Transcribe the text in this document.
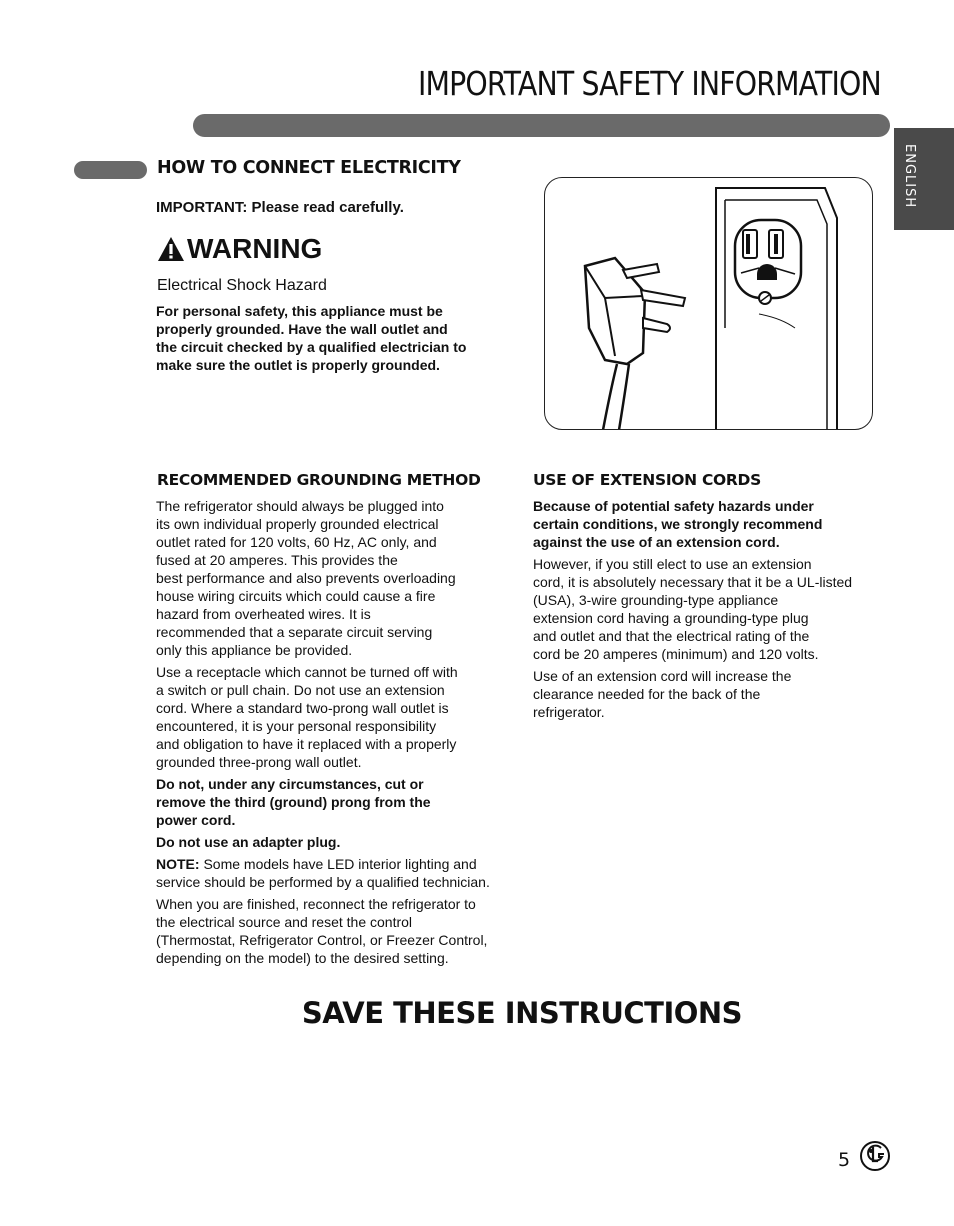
IMPORTANT SAFETY INFORMATION
ENGLISH
HOW TO CONNECT ELECTRICITY
IMPORTANT: Please read carefully.
WARNING
Electrical Shock Hazard
For personal safety, this appliance must be
properly grounded. Have the wall outlet and
the circuit checked by a qualified electrician to
make sure the outlet is properly grounded.
RECOMMENDED GROUNDING METHOD

The refrigerator should always be plugged into
its own individual properly grounded electrical
outlet rated for 120 volts, 60 Hz, AC only, and
fused at 20 amperes. This provides the
best performance and also prevents overloading
house wiring circuits which could cause a fire
hazard from overheated wires. It is
recommended that a separate circuit serving
only this appliance be provided.

Use a receptacle which cannot be turned off with
a switch or pull chain. Do not use an extension
cord. Where a standard two-prong wall outlet is
encountered, it is your personal responsibility
and obligation to have it replaced with a properly
grounded three-prong wall outlet.

Do not, under any circumstances, cut or
remove the third (ground) prong from the
power cord.

Do not use an adapter plug.

NOTE: Some models have LED interior lighting and
service should be performed by a qualified technician.

When you are finished, reconnect the refrigerator to
the electrical source and reset the control
(Thermostat, Refrigerator Control, or Freezer Control,
depending on the model) to the desired setting.

USE OF EXTENSION CORDS

Because of potential safety hazards under
certain conditions, we strongly recommend
against the use of an extension cord.

However, if you still elect to use an extension
cord, it is absolutely necessary that it be a UL-listed
(USA), 3-wire grounding-type appliance
extension cord having a grounding-type plug
and outlet and that the electrical rating of the
cord be 20 amperes (minimum) and 120 volts.

Use of an extension cord will increase the
clearance needed for the back of the
refrigerator.

SAVE THESE INSTRUCTIONS
5
